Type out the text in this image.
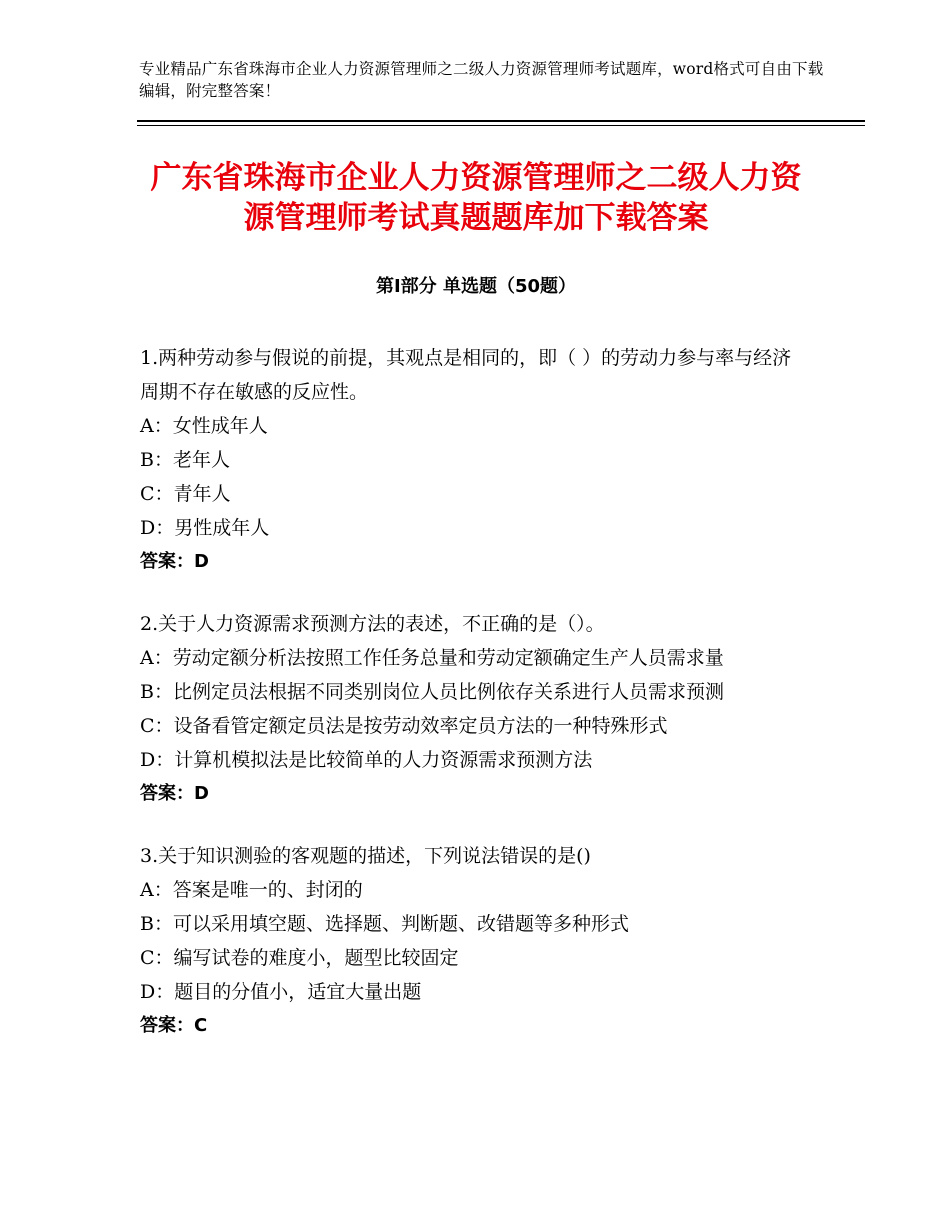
专业精品广东省珠海市企业人力资源管理师之二级人力资源管理师考试题库，word格式可自由下载编辑，附完整答案！
广东省珠海市企业人力资源管理师之二级人力资源管理师考试真题题库加下载答案
第Ⅰ部分 单选题（50题）
1.两种劳动参与假说的前提，其观点是相同的，即（ ）的劳动力参与率与经济周期不存在敏感的反应性。
A：女性成年人
B：老年人
C：青年人
D：男性成年人
答案：D
2.关于人力资源需求预测方法的表述，不正确的是（）。
A：劳动定额分析法按照工作任务总量和劳动定额确定生产人员需求量
B：比例定员法根据不同类别岗位人员比例依存关系进行人员需求预测
C：设备看管定额定员法是按劳动效率定员方法的一种特殊形式
D：计算机模拟法是比较简单的人力资源需求预测方法
答案：D
3.关于知识测验的客观题的描述，下列说法错误的是()
A：答案是唯一的、封闭的
B：可以采用填空题、选择题、判断题、改错题等多种形式
C：编写试卷的难度小，题型比较固定
D：题目的分值小，适宜大量出题
答案：C
